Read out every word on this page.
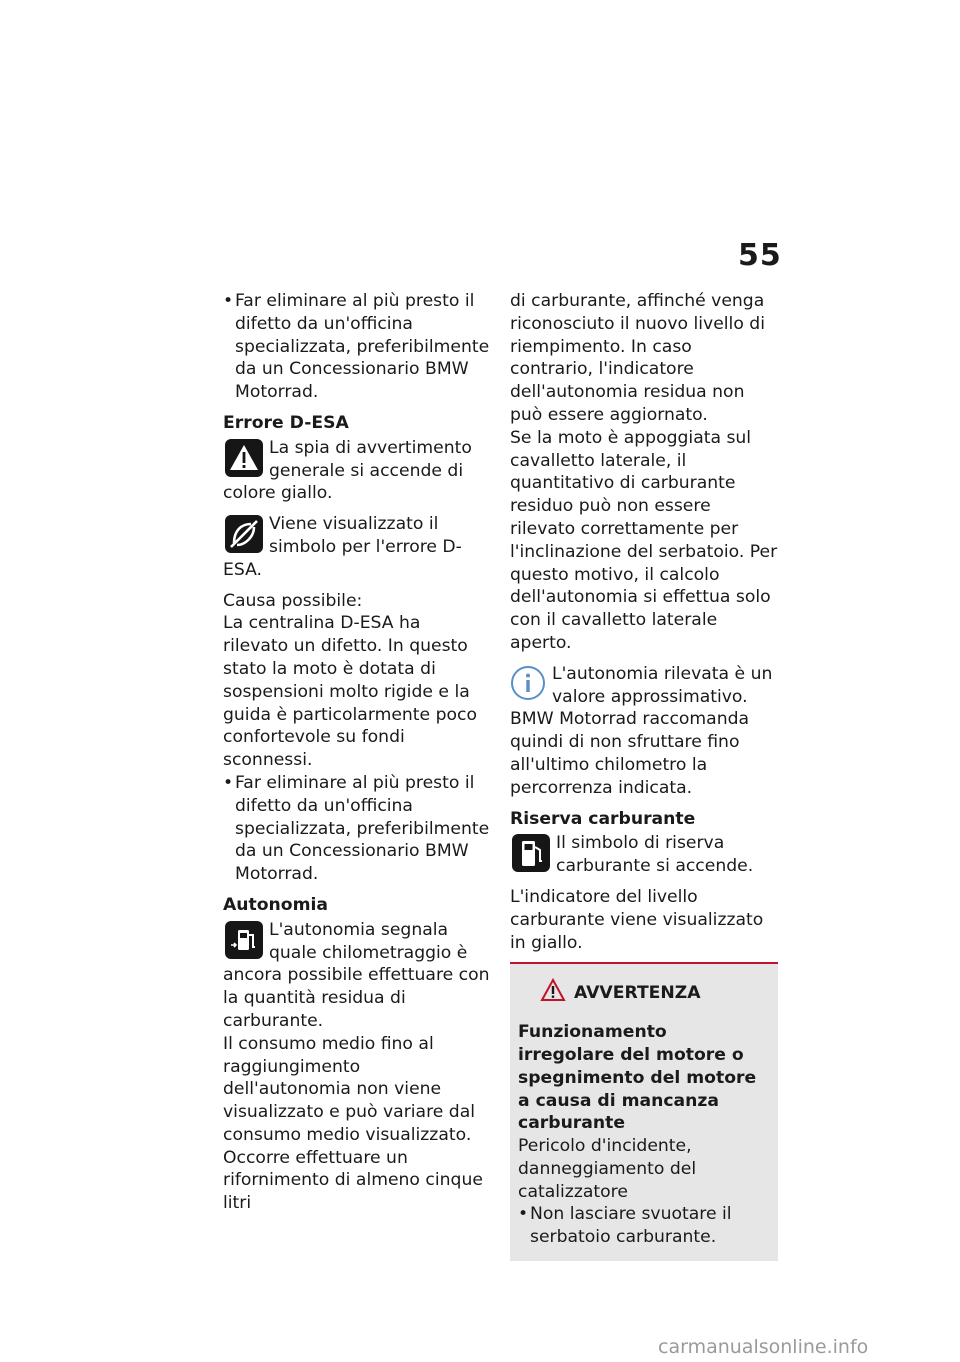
55
• Far eliminare al più presto il difetto da un'officina specializzata, preferibilmente da un Concessionario BMW Motorrad.
Errore D-ESA

La spia di avvertimento generale si accende di colore giallo.

Viene visualizzato il simbolo per l'errore D-ESA.

Causa possibile:

La centralina D-ESA ha rilevato un difetto. In questo stato la moto è dotata di sospensioni molto rigide e la guida è particolarmente poco confortevole su fondi sconnessi.

• Far eliminare al più presto il difetto da un'officina specializzata, preferibilmente da un Concessionario BMW Motorrad.
Autonomia

L'autonomia segnala quale chilometraggio è ancora possibile effettuare con la quantità residua di carburante.

Il consumo medio fino al raggiungimento dell'autonomia non viene visualizzato e può variare dal consumo medio visualizzato.

Occorre effettuare un rifornimento di almeno cinque litri

di carburante, affinché venga riconosciuto il nuovo livello di riempimento. In caso contrario, l'indicatore dell'autonomia residua non può essere aggiornato.

Se la moto è appoggiata sul cavalletto laterale, il quantitativo di carburante residuo può non essere rilevato correttamente per l'inclinazione del serbatoio. Per questo motivo, il calcolo dell'autonomia si effettua solo con il cavalletto laterale aperto.

L'autonomia rilevata è un valore approssimativo. BMW Motorrad raccomanda quindi di non sfruttare fino all'ultimo chilometro la percorrenza indicata.

Riserva carburante

Il simbolo di riserva carburante si accende.

L'indicatore del livello carburante viene visualizzato in giallo.

AVVERTENZA
Funzionamento irregolare del motore o spegnimento del motore a causa di mancanza carburante

Pericolo d'incidente, danneggiamento del catalizzatore

• Non lasciare svuotare il serbatoio carburante.
carmanualsonline.info
